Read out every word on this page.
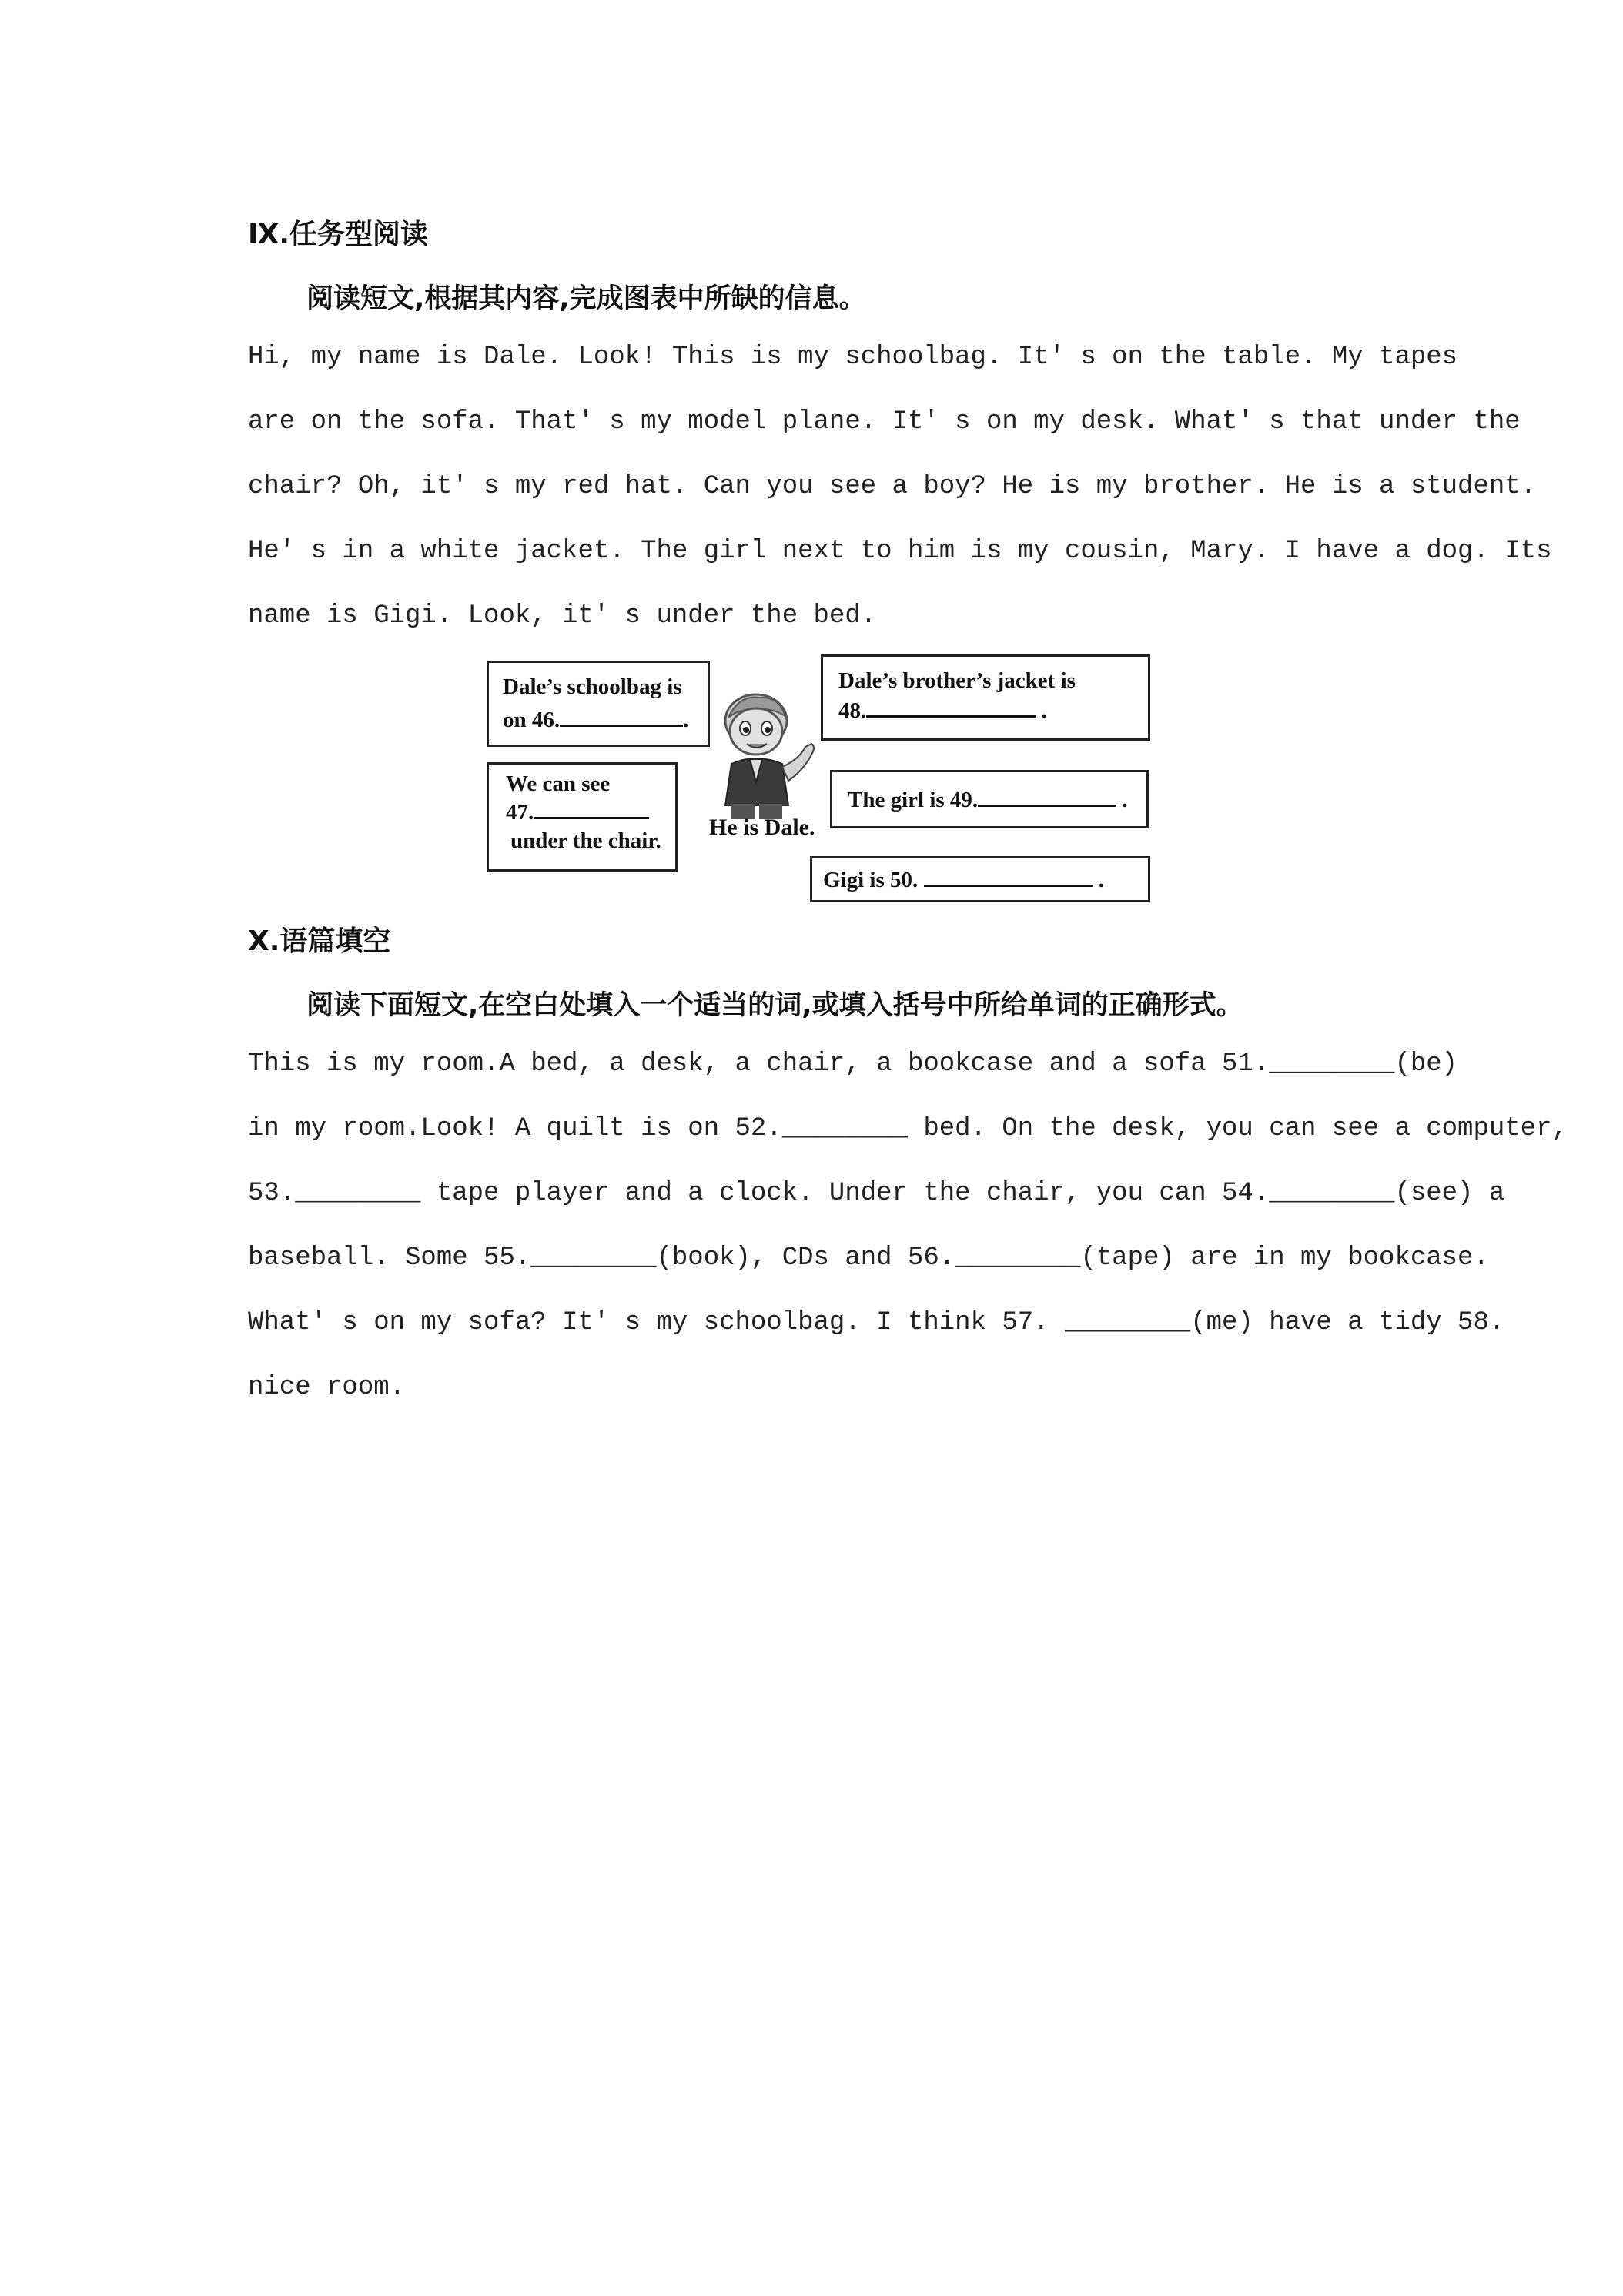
Ⅸ.任务型阅读
阅读短文,根据其内容,完成图表中所缺的信息。
Hi, my name is Dale. Look! This is my schoolbag. It′ s on the table. My tapes
are on the sofa. That′ s my model plane. It′ s on my desk. What′ s that under the
chair? Oh, it′ s my red hat. Can you see a boy? He is my brother. He is a student.
He′ s in a white jacket. The girl next to him is my cousin, Mary. I have a dog. Its
name is Gigi. Look, it′ s under the bed.
Dale’s schoolbag is
on 46.	.
We can see
47.
under the chair.
He is Dale.
Dale’s brother’s jacket is
48.	.
The girl is 49.	.
Gigi is 50.	.
Ⅹ.语篇填空
阅读下面短文,在空白处填入一个适当的词,或填入括号中所给单词的正确形式。
This is my room.A bed, a desk, a chair, a bookcase and a sofa 51.________(be)
in my room.Look! A quilt is on 52.________ bed. On the desk, you can see a computer,
53.________ tape player and a clock. Under the chair, you can 54.________(see) a
baseball. Some 55.________(book), CDs and 56.________(tape) are in my bookcase.
What′ s on my sofa? It′ s my schoolbag. I think 57. ________(me) have a tidy 58.
nice room.
